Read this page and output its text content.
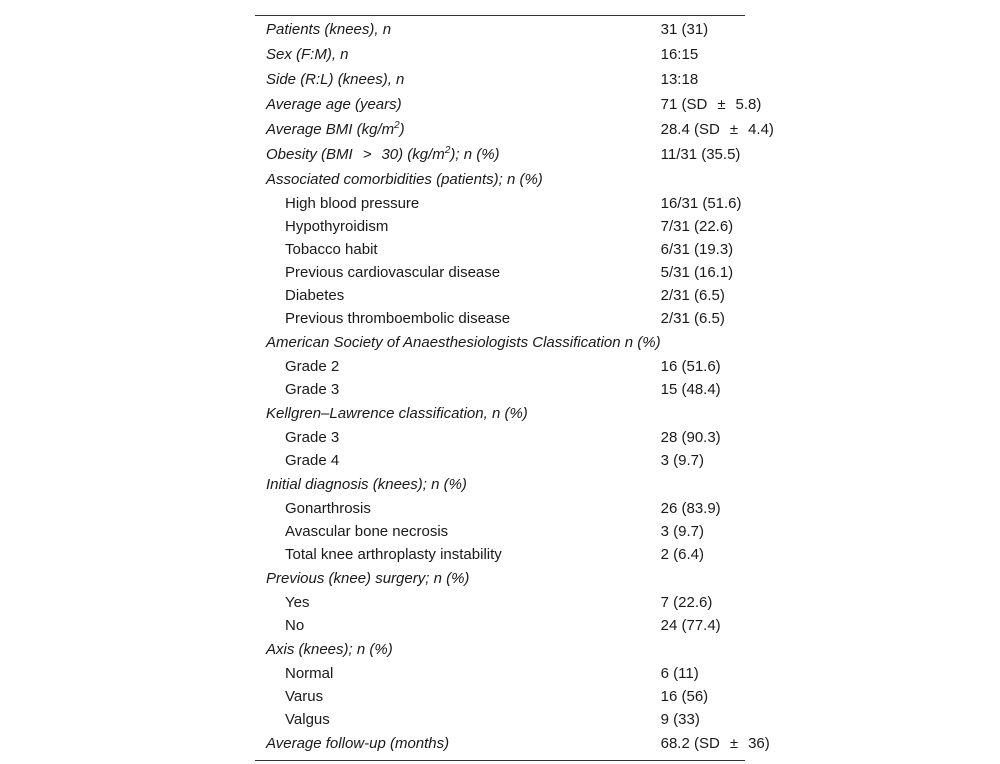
Patients (knees), n	31 (31)
Sex (F:M), n	16:15
Side (R:L) (knees), n	13:18
Average age (years)	71 (SD ± 5.8)
Average BMI $(kg/m^2)$	28.4 (SD ± 4.4)
Obesity (BMI > 30) $(kg/m^2)$; n (%)	11/31 (35.5)
Associated comorbidities (patients); n (%)	
High blood pressure	16/31 (51.6)
Hypothyroidism	7/31 (22.6)
Tobacco habit	6/31 (19.3)
Previous cardiovascular disease	5/31 (16.1)
Diabetes	2/31 (6.5)
Previous thromboembolic disease	2/31 (6.5)
American Society of Anaesthesiologists Classification n (%)	
Grade 2	16 (51.6)
Grade 3	15 (48.4)
Kellgren–Lawrence classification, n (%)	
Grade 3	28 (90.3)
Grade 4	3 (9.7)
Initial diagnosis (knees); n (%)	
Gonarthrosis	26 (83.9)
Avascular bone necrosis	3 (9.7)
Total knee arthroplasty instability	2 (6.4)
Previous (knee) surgery; n (%)	
Yes	7 (22.6)
No	24 (77.4)
Axis (knees); n (%)	
Normal	6 (11)
Varus	16 (56)
Valgus	9 (33)
Average follow-up (months)	68.2 (SD ± 36)
